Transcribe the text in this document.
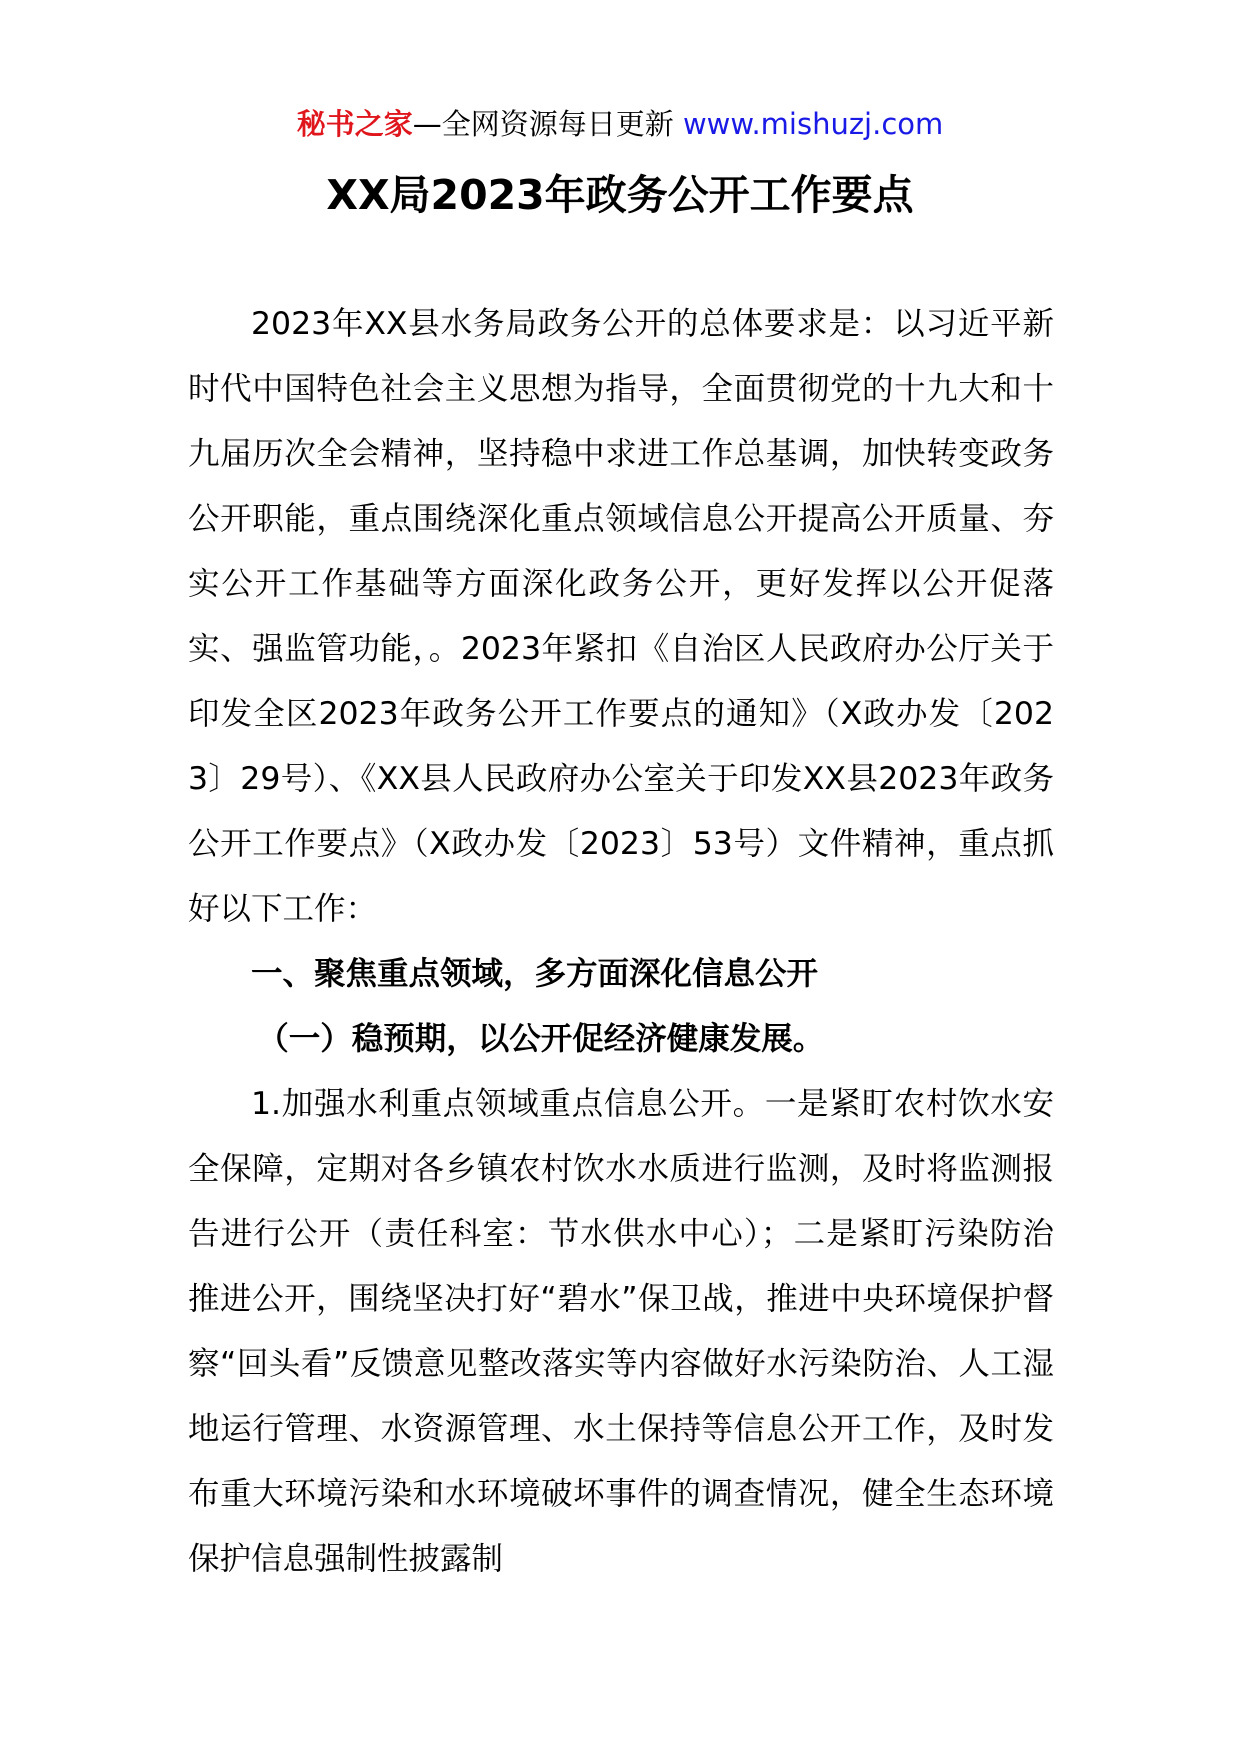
秘书之家—全网资源每日更新 www.mishuzj.com
XX局2023年政务公开工作要点

2023年XX县水务局政务公开的总体要求是：以习近平新时代中国特色社会主义思想为指导，全面贯彻党的十九大和十九届历次全会精神，坚持稳中求进工作总基调，加快转变政务公开职能，重点围绕深化重点领域信息公开提高公开质量、夯实公开工作基础等方面深化政务公开，更好发挥以公开促落实、强监管功能，。2023年紧扣《自治区人民政府办公厅关于印发全区2023年政务公开工作要点的通知》（X政办发〔2023〕29号）、《XX县人民政府办公室关于印发XX县2023年政务公开工作要点》（X政办发〔2023〕53号）文件精神，重点抓好以下工作：

一、聚焦重点领域，多方面深化信息公开

（一）稳预期，以公开促经济健康发展。

1.加强水利重点领域重点信息公开。一是紧盯农村饮水安全保障，定期对各乡镇农村饮水水质进行监测，及时将监测报告进行公开（责任科室：节水供水中心）；二是紧盯污染防治推进公开，围绕坚决打好“碧水”保卫战，推进中央环境保护督察“回头看”反馈意见整改落实等内容做好水污染防治、人工湿地运行管理、水资源管理、水土保持等信息公开工作，及时发布重大环境污染和水环境破坏事件的调查情况，健全生态环境保护信息强制性披露制
